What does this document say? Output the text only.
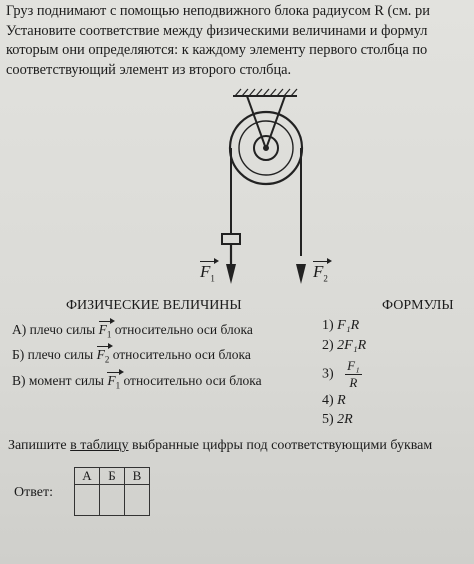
Груз поднимают с помощью неподвижного блока радиусом R (см. ри
Установите соответствие между физическими величинами и формул
которым они определяются: к каждому элементу первого столбца по
соответствующий элемент из второго столбца.
$F_1$	$F_2$
ФИЗИЧЕСКИЕ ВЕЛИЧИНЫ	ФОРМУЛЫ
А) плечо силы $F_1$ относительно оси блока
Б) плечо силы $F_2$ относительно оси блока
В) момент силы $F_1$ относительно оси блока
1) F₁R
2) 2F₁R
$3) \frac{\text{F₁}}{R}$
4) R
5) 2R
Запишите в таблицу выбранные цифры под соответствующими буквам
Ответ:
А	Б	В
